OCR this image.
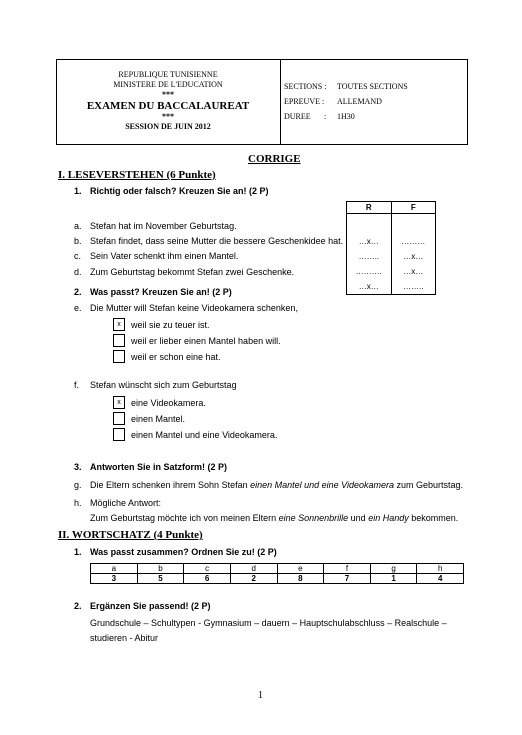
REPUBLIQUE TUNISIENNE
MINISTERE DE L'EDUCATION
***
EXAMEN DU BACCALAUREAT
***
SESSION DE JUIN 2012
SECTIONS : TOUTES SECTIONS
EPREUVE : ALLEMAND
DUREE : 1H30
CORRIGE
I. LESEVERSTEHEN (6 Punkte)
1. Richtig oder falsch? Kreuzen Sie an! (2 P)
R	F

…x…	………
……..	…x…
……….	…x…
…x…	……..
a. Stefan hat im November Geburtstag.
b. Stefan findet, dass seine Mutter die bessere Geschenkidee hat.
c. Sein Vater schenkt ihm einen Mantel.
d. Zum Geburtstag bekommt Stefan zwei Geschenke.
2. Was passt? Kreuzen Sie an! (2 P)
e. Die Mutter will Stefan keine Videokamera schenken,
x	weil sie zu teuer ist.
weil er lieber einen Mantel haben will.
weil er schon eine hat.
f. Stefan wünscht sich zum Geburtstag
x	eine Videokamera.
einen Mantel.
einen Mantel und eine Videokamera.
3. Antworten Sie in Satzform! (2 P)
g. Die Eltern schenken ihrem Sohn Stefan einen Mantel und eine Videokamera zum Geburtstag.
h. Mögliche Antwort:
Zum Geburtstag möchte ich von meinen Eltern eine Sonnenbrille und ein Handy bekommen.
II. WORTSCHATZ (4 Punkte)
1. Was passt zusammen? Ordnen Sie zu! (2 P)
a	b	c	d	e	f	g	h
3	5	6	2	8	7	1	4
2. Ergänzen Sie passend! (2 P)
Grundschule – Schultypen - Gymnasium – dauern – Hauptschulabschluss – Realschule –
studieren - Abitur
1
